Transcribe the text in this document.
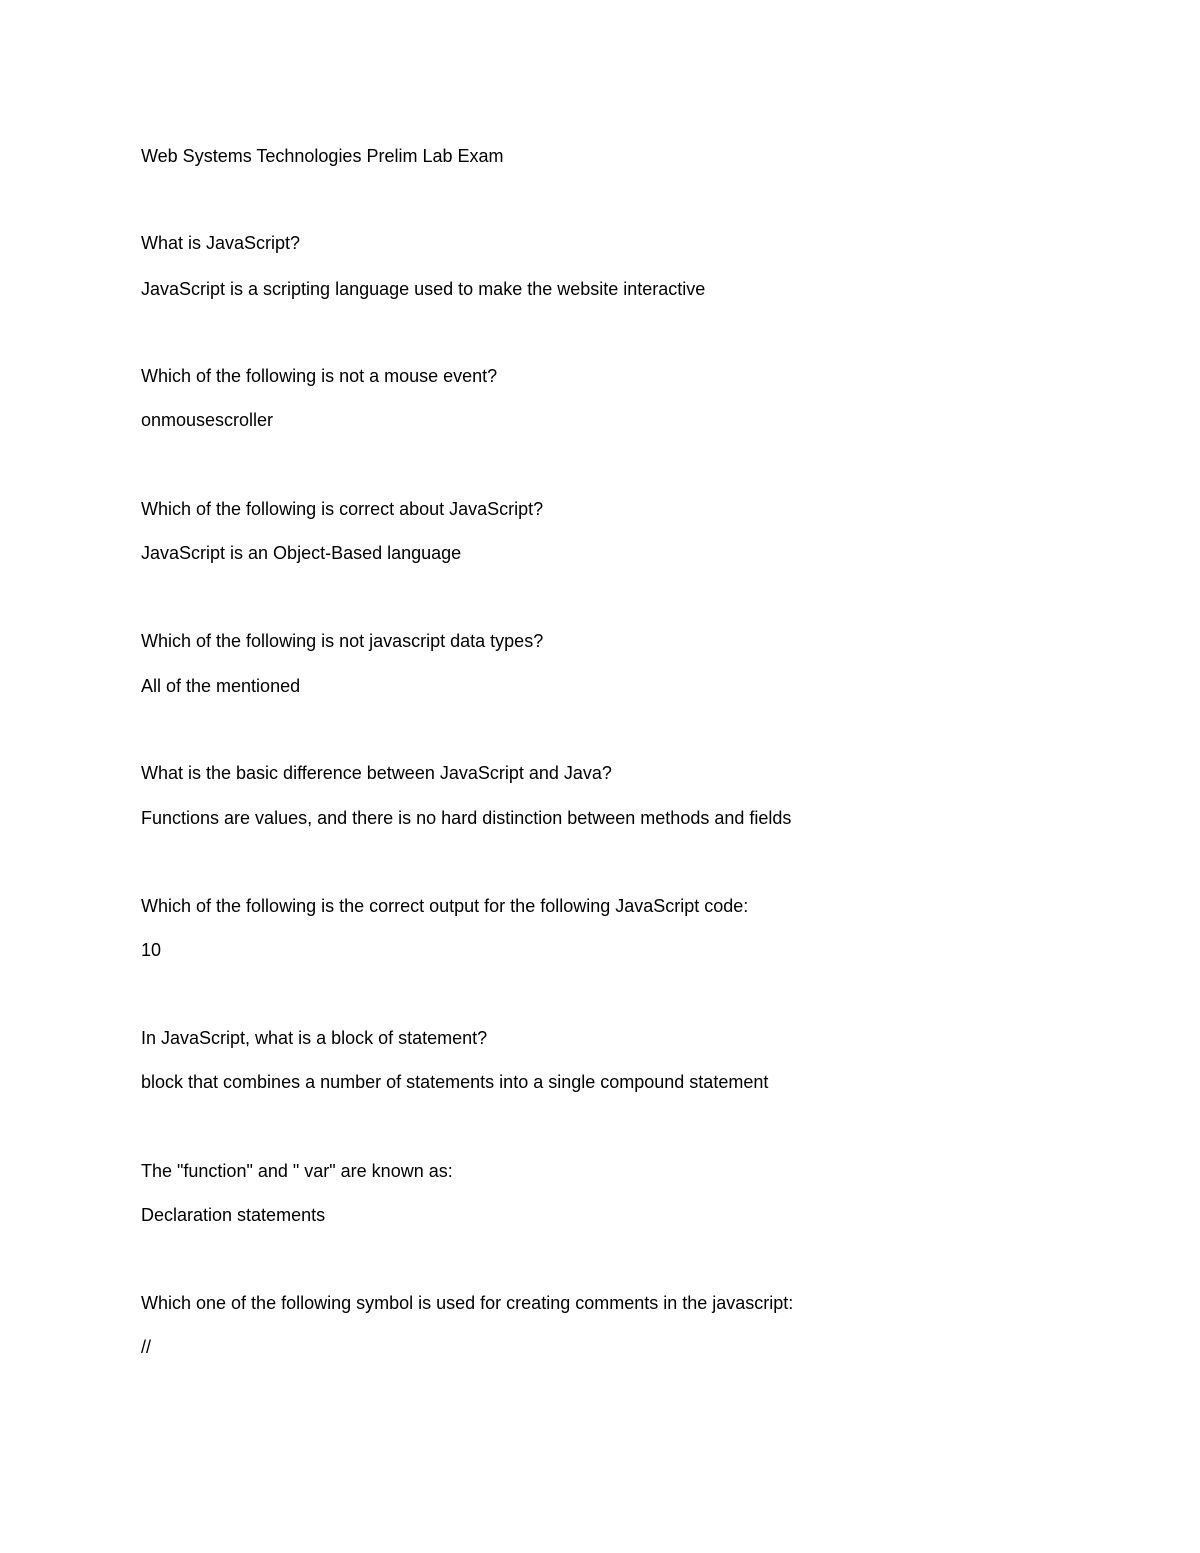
Web Systems Technologies Prelim Lab Exam
What is JavaScript?
JavaScript is a scripting language used to make the website interactive
Which of the following is not a mouse event?
onmousescroller
Which of the following is correct about JavaScript?
JavaScript is an Object-Based language
Which of the following is not javascript data types?
All of the mentioned
What is the basic difference between JavaScript and Java?
Functions are values, and there is no hard distinction between methods and fields
Which of the following is the correct output for the following JavaScript code:
10
In JavaScript, what is a block of statement?
block that combines a number of statements into a single compound statement
The "function" and " var" are known as:
Declaration statements
Which one of the following symbol is used for creating comments in the javascript:
//
